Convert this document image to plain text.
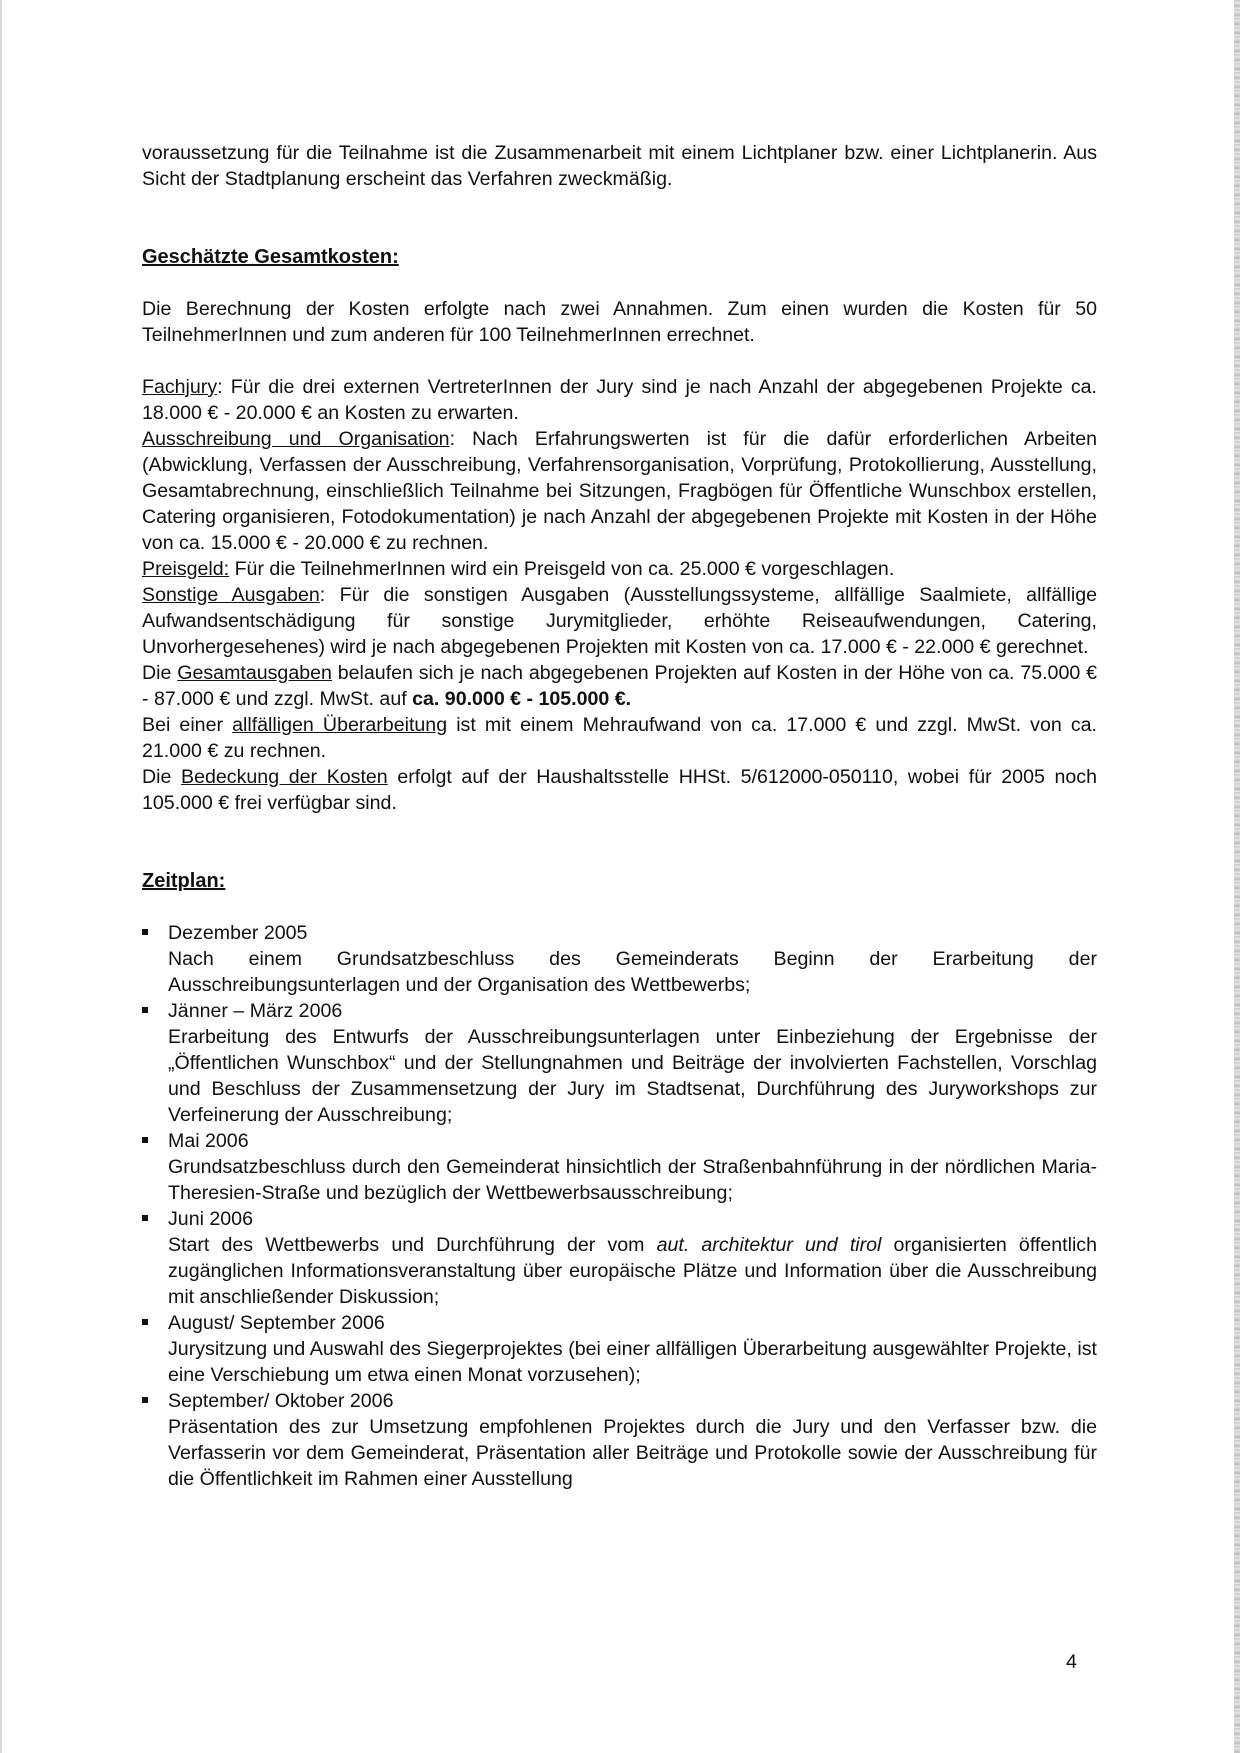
voraussetzung für die Teilnahme ist die Zusammenarbeit mit einem Lichtplaner bzw. einer Lichtplanerin. Aus Sicht der Stadtplanung erscheint das Verfahren zweckmäßig.

Geschätzte Gesamtkosten:

Die Berechnung der Kosten erfolgte nach zwei Annahmen. Zum einen wurden die Kosten für 50 TeilnehmerInnen und zum anderen für 100 TeilnehmerInnen errechnet.

Fachjury: Für die drei externen VertreterInnen der Jury sind je nach Anzahl der abgegebenen Projekte ca. 18.000 € - 20.000 € an Kosten zu erwarten.

Ausschreibung und Organisation: Nach Erfahrungswerten ist für die dafür erforderlichen Arbeiten (Abwicklung, Verfassen der Ausschreibung, Verfahrensorganisation, Vorprüfung, Protokollierung, Ausstellung, Gesamtabrechnung, einschließlich Teilnahme bei Sitzungen, Fragbögen für Öffentliche Wunschbox erstellen, Catering organisieren, Fotodokumentation) je nach Anzahl der abgegebenen Projekte mit Kosten in der Höhe von ca. 15.000 € - 20.000 € zu rechnen.

Preisgeld: Für die TeilnehmerInnen wird ein Preisgeld von ca. 25.000 € vorgeschlagen.

Sonstige Ausgaben: Für die sonstigen Ausgaben (Ausstellungssysteme, allfällige Saalmiete, allfällige Aufwandsentschädigung für sonstige Jurymitglieder, erhöhte Reiseaufwendungen, Catering, Unvorhergesehenes) wird je nach abgegebenen Projekten mit Kosten von ca. 17.000 € - 22.000 € gerechnet.

Die Gesamtausgaben belaufen sich je nach abgegebenen Projekten auf Kosten in der Höhe von ca. 75.000 € - 87.000 € und zzgl. MwSt. auf ca. 90.000 € - 105.000 €.

Bei einer allfälligen Überarbeitung ist mit einem Mehraufwand von ca. 17.000 € und zzgl. MwSt. von ca. 21.000 € zu rechnen.

Die Bedeckung der Kosten erfolgt auf der Haushaltsstelle HHSt. 5/612000-050110, wobei für 2005 noch 105.000 € frei verfügbar sind.

Zeitplan:

Dezember 2005
Nach einem Grundsatzbeschluss des Gemeinderats Beginn der Erarbeitung der Ausschreibungsunterlagen und der Organisation des Wettbewerbs;
Jänner – März 2006
Erarbeitung des Entwurfs der Ausschreibungsunterlagen unter Einbeziehung der Ergebnisse der „Öffentlichen Wunschbox“ und der Stellungnahmen und Beiträge der involvierten Fachstellen, Vorschlag und Beschluss der Zusammensetzung der Jury im Stadtsenat, Durchführung des Juryworkshops zur Verfeinerung der Ausschreibung;
Mai 2006
Grundsatzbeschluss durch den Gemeinderat hinsichtlich der Straßenbahnführung in der nördlichen Maria-Theresien-Straße und bezüglich der Wettbewerbsausschreibung;
Juni 2006
Start des Wettbewerbs und Durchführung der vom aut. architektur und tirol organisierten öffentlich zugänglichen Informationsveranstaltung über europäische Plätze und Information über die Ausschreibung mit anschließender Diskussion;
August/ September 2006
Jurysitzung und Auswahl des Siegerprojektes (bei einer allfälligen Überarbeitung ausgewählter Projekte, ist eine Verschiebung um etwa einen Monat vorzusehen);
September/ Oktober 2006
Präsentation des zur Umsetzung empfohlenen Projektes durch die Jury und den Verfasser bzw. die Verfasserin vor dem Gemeinderat, Präsentation aller Beiträge und Protokolle sowie der Ausschreibung für die Öffentlichkeit im Rahmen einer Ausstellung
4
